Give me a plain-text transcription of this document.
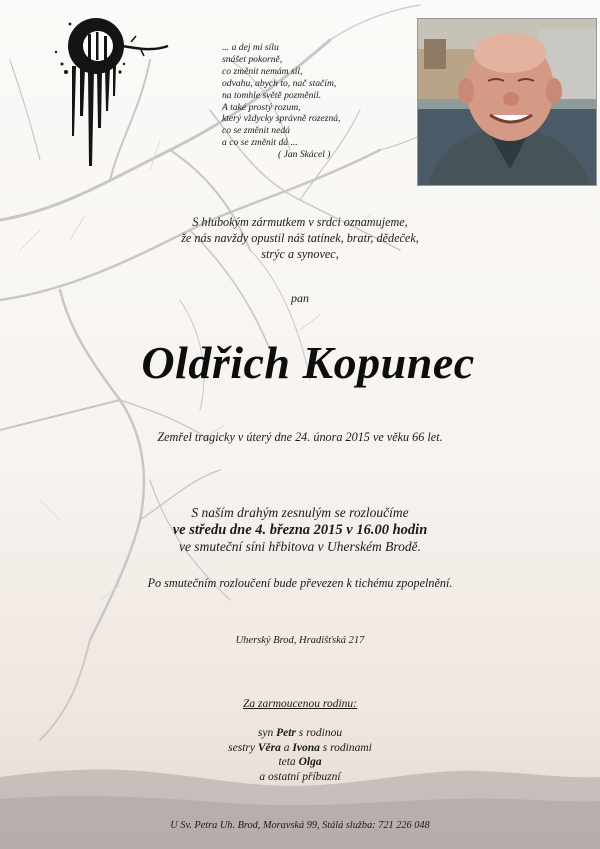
... a dej mi sílu
snášet pokorně,
co změnit nemám sil,
odvahu, abych to, nač stačím,
na tomhle světě pozměnil.
A také prostý rozum,
který vždycky správně rozezná,
co se změnit nedá
a co se změnit dá ...
( Jan Skácel )
S hlubokým zármutkem v srdci oznamujeme,
že nás navždy opustil náš tatínek, bratr, dědeček,
strýc a synovec,
pan
Oldřich Kopunec
Zemřel tragicky v úterý dne 24. února 2015 ve věku 66 let.
S naším drahým zesnulým se rozloučíme
ve středu dne 4. března 2015 v 16.00 hodin
ve smuteční síni hřbitova v Uherském Brodě.
Po smutečním rozloučení bude převezen k tichému zpopelnění.
Uherský Brod, Hradišťská 217
Za zarmoucenou rodinu:
syn Petr s rodinou
sestry Věra a Ivona s rodinami
teta Olga
a ostatní příbuzní
U Sv. Petra Uh. Brod, Moravská 99, Stálá služba: 721 226 048
